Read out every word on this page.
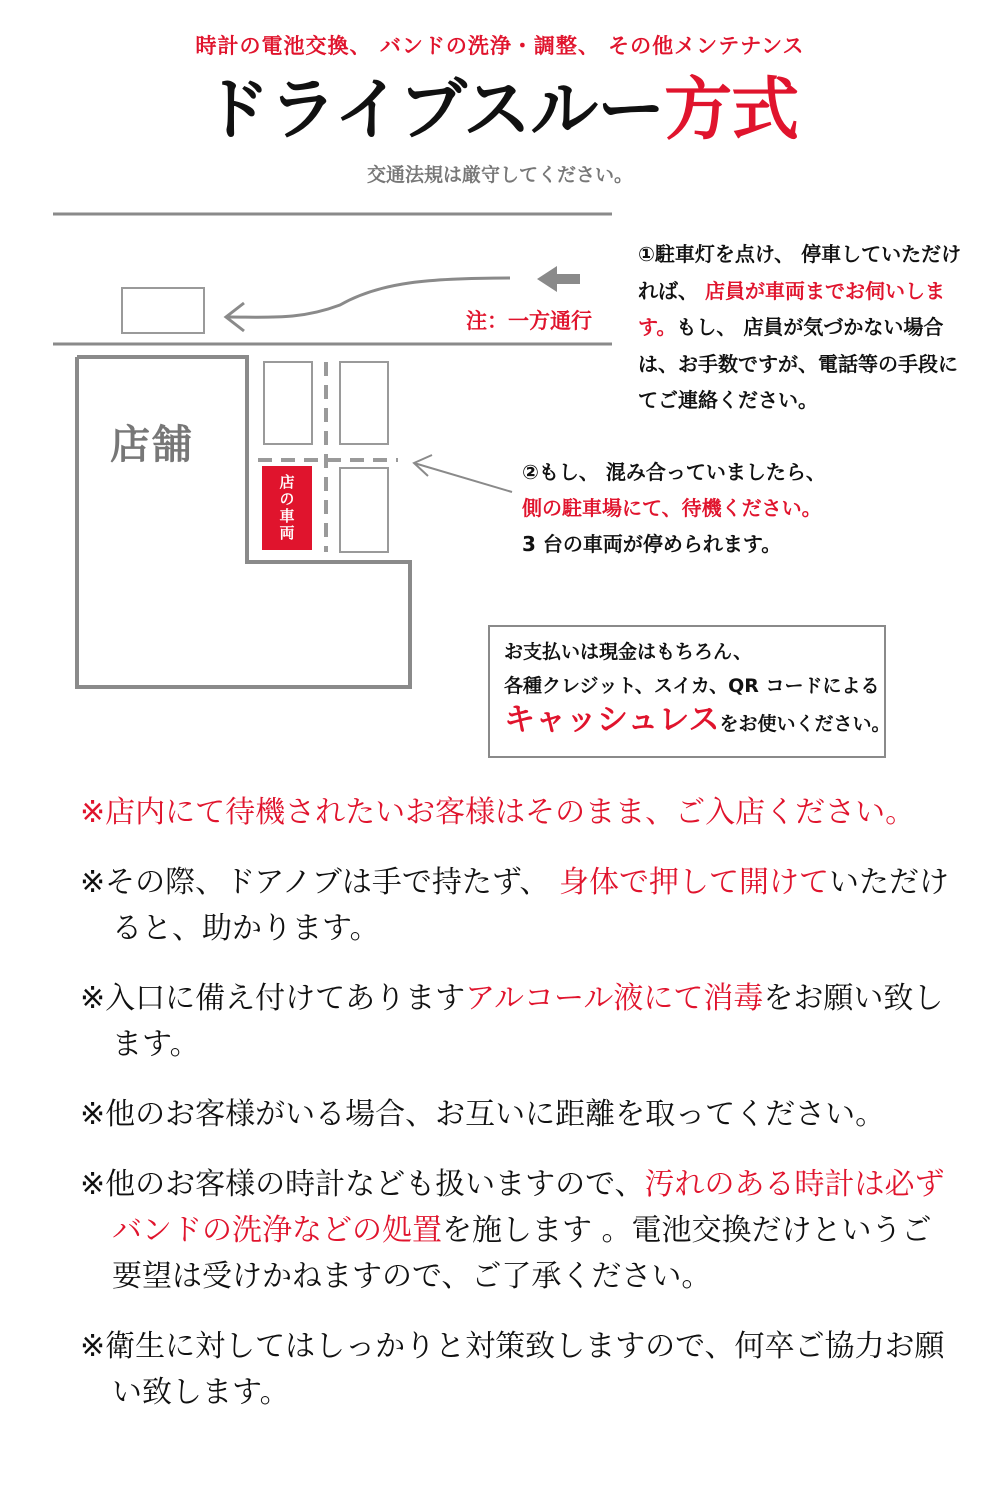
時計の電池交換、 バンドの洗浄・調整、 その他メンテナンス
ドライブスルー方式
交通法規は厳守してください。
注：一方通行
店舗
店の車両
①駐車灯を点け、 停車していただければ、 店員が車両までお伺いします。もし、 店員が気づかない場合は、お手数ですが、電話等の手段にてご連絡ください。
②もし、 混み合っていましたら、
側の駐車場にて、待機ください。
3 台の車両が停められます。
お支払いは現金はもちろん、
各種クレジット、スイカ、QR コードによる
キャッシュレスをお使いください。
※店内にて待機されたいお客様はそのまま、ご入店ください。
※その際、ドアノブは手で持たず、 身体で押して開けていただけると、助かります。
※入口に備え付けてありますアルコール液にて消毒をお願い致します。
※他のお客様がいる場合、お互いに距離を取ってください。
※他のお客様の時計なども扱いますので、汚れのある時計は必ずバンドの洗浄などの処置を施します 。電池交換だけというご要望は受けかねますので、ご了承ください。
※衛生に対してはしっかりと対策致しますので、何卒ご協力お願い致します。
